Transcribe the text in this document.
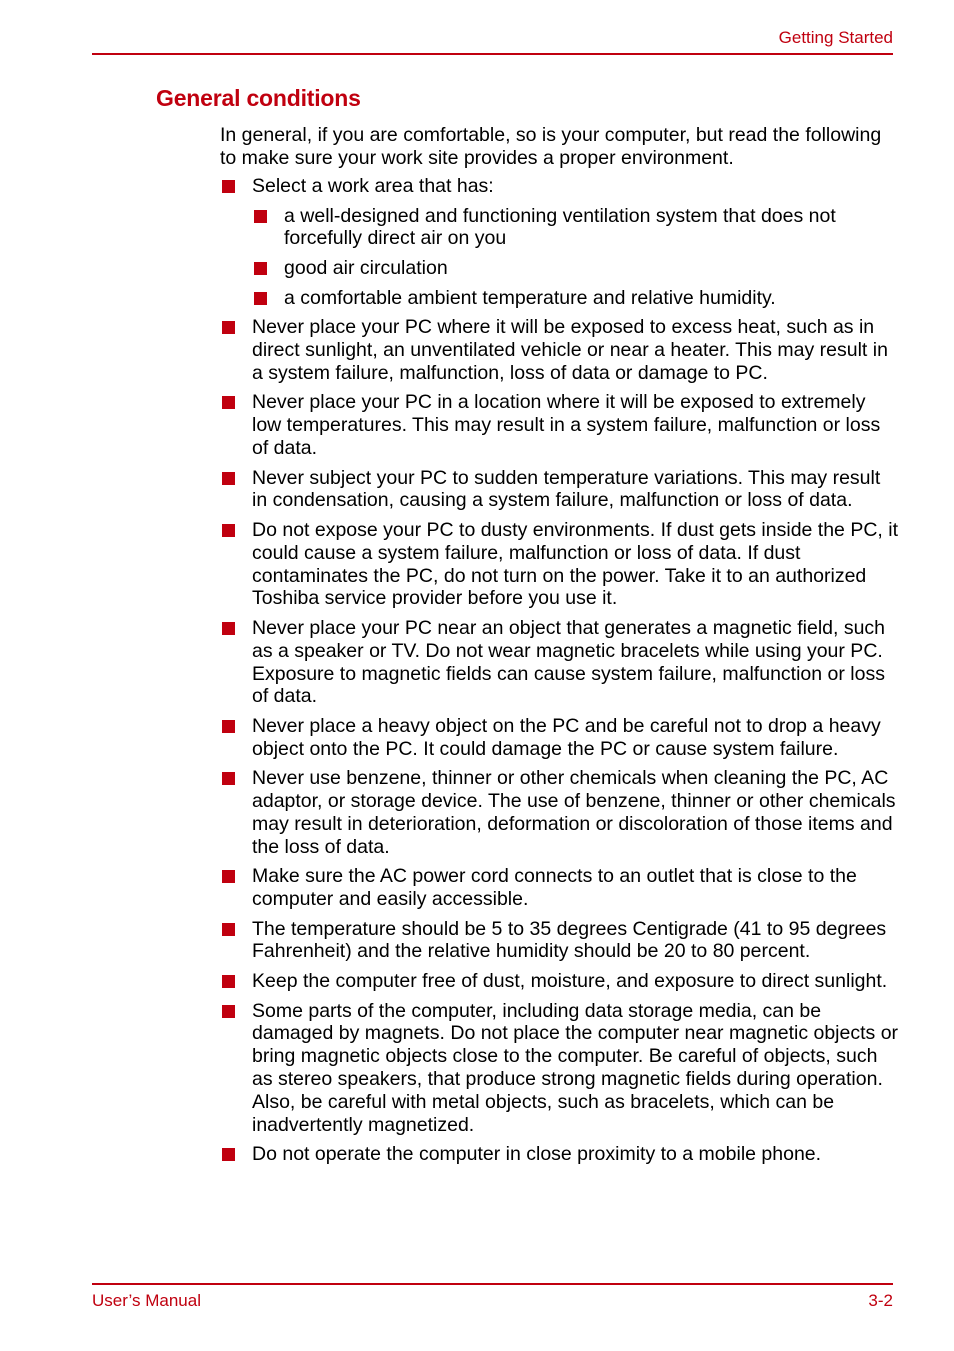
Getting Started
General conditions

In general, if you are comfortable, so is your computer, but read the following to make sure your work site provides a proper environment.

Select a work area that has:
a well-designed and functioning ventilation system that does not forcefully direct air on you
good air circulation
a comfortable ambient temperature and relative humidity.
Never place your PC where it will be exposed to excess heat, such as in direct sunlight, an unventilated vehicle or near a heater. This may result in a system failure, malfunction, loss of data or damage to PC.
Never place your PC in a location where it will be exposed to extremely low temperatures. This may result in a system failure, malfunction or loss of data.
Never subject your PC to sudden temperature variations. This may result in condensation, causing a system failure, malfunction or loss of data.
Do not expose your PC to dusty environments. If dust gets inside the PC, it could cause a system failure, malfunction or loss of data. If dust contaminates the PC, do not turn on the power. Take it to an authorized Toshiba service provider before you use it.
Never place your PC near an object that generates a magnetic field, such as a speaker or TV. Do not wear magnetic bracelets while using your PC. Exposure to magnetic fields can cause system failure, malfunction or loss of data.
Never place a heavy object on the PC and be careful not to drop a heavy object onto the PC. It could damage the PC or cause system failure.
Never use benzene, thinner or other chemicals when cleaning the PC, AC adaptor, or storage device. The use of benzene, thinner or other chemicals may result in deterioration, deformation or discoloration of those items and the loss of data.
Make sure the AC power cord connects to an outlet that is close to the computer and easily accessible.
The temperature should be 5 to 35 degrees Centigrade (41 to 95 degrees Fahrenheit) and the relative humidity should be 20 to 80 percent.
Keep the computer free of dust, moisture, and exposure to direct sunlight.
Some parts of the computer, including data storage media, can be damaged by magnets. Do not place the computer near magnetic objects or bring magnetic objects close to the computer. Be careful of objects, such as stereo speakers, that produce strong magnetic fields during operation. Also, be careful with metal objects, such as bracelets, which can be inadvertently magnetized.
Do not operate the computer in close proximity to a mobile phone.
User’s Manual	3-2
